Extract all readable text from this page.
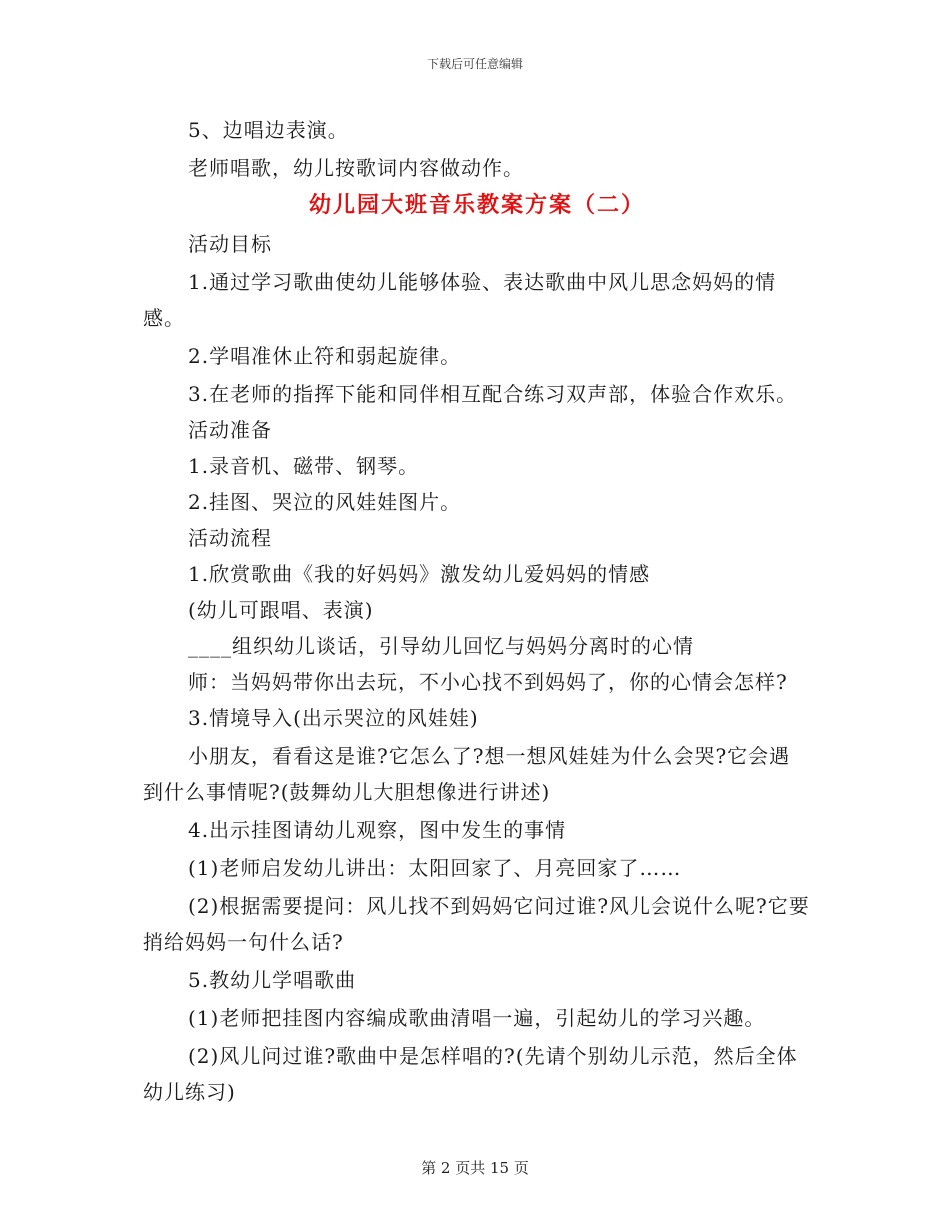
下载后可任意编辑
5、边唱边表演。
老师唱歌，幼儿按歌词内容做动作。
幼儿园大班音乐教案方案（二）
活动目标
1.通过学习歌曲使幼儿能够体验、表达歌曲中风儿思念妈妈的情感。
2.学唱准休止符和弱起旋律。
3.在老师的指挥下能和同伴相互配合练习双声部，体验合作欢乐。
活动准备
1.录音机、磁带、钢琴。
2.挂图、哭泣的风娃娃图片。
活动流程
1.欣赏歌曲《我的好妈妈》激发幼儿爱妈妈的情感
(幼儿可跟唱、表演)
____组织幼儿谈话，引导幼儿回忆与妈妈分离时的心情
师：当妈妈带你出去玩，不小心找不到妈妈了，你的心情会怎样?
3.情境导入(出示哭泣的风娃娃)
小朋友，看看这是谁?它怎么了?想一想风娃娃为什么会哭?它会遇到什么事情呢?(鼓舞幼儿大胆想像进行讲述)
4.出示挂图请幼儿观察，图中发生的事情
(1)老师启发幼儿讲出：太阳回家了、月亮回家了……
(2)根据需要提问：风儿找不到妈妈它问过谁?风儿会说什么呢?它要捎给妈妈一句什么话?
5.教幼儿学唱歌曲
(1)老师把挂图内容编成歌曲清唱一遍，引起幼儿的学习兴趣。
(2)风儿问过谁?歌曲中是怎样唱的?(先请个别幼儿示范，然后全体幼儿练习)
第 2 页共 15 页
